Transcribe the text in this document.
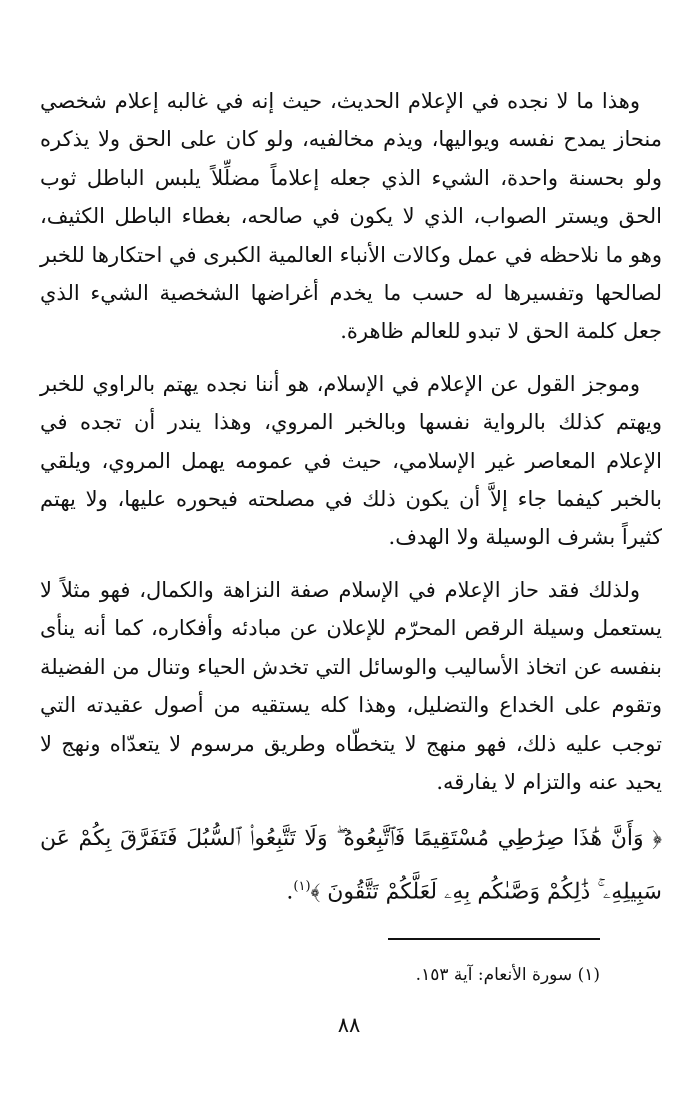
وهذا ما لا نجده في الإعلام الحديث، حيث إنه في غالبه إعلام شخصي منحاز يمدح نفسه ويواليها، ويذم مخالفيه، ولو كان على الحق ولا يذكره ولو بحسنة واحدة، الشيء الذي جعله إعلاماً مضلِّلاً يلبس الباطل ثوب الحق ويستر الصواب، الذي لا يكون في صالحه، بغطاء الباطل الكثيف، وهو ما نلاحظه في عمل وكالات الأنباء العالمية الكبرى في احتكارها للخبر لصالحها وتفسيرها له حسب ما يخدم أغراضها الشخصية الشيء الذي جعل كلمة الحق لا تبدو للعالم ظاهرة.

وموجز القول عن الإعلام في الإسلام، هو أننا نجده يهتم بالراوي للخبر ويهتم كذلك بالرواية نفسها وبالخبر المروي، وهذا يندر أن تجده في الإعلام المعاصر غير الإسلامي، حيث في عمومه يهمل المروي، ويلقي بالخبر كيفما جاء إلاَّ أن يكون ذلك في مصلحته فيحوره عليها، ولا يهتم كثيراً بشرف الوسيلة ولا الهدف.

ولذلك فقد حاز الإعلام في الإسلام صفة النزاهة والكمال، فهو مثلاً لا يستعمل وسيلة الرقص المحرّم للإعلان عن مبادئه وأفكاره، كما أنه ينأى بنفسه عن اتخاذ الأساليب والوسائل التي تخدش الحياء وتنال من الفضيلة وتقوم على الخداع والتضليل، وهذا كله يستقيه من أصول عقيدته التي توجب عليه ذلك، فهو منهج لا يتخطّاه وطريق مرسوم لا يتعدّاه ونهج لا يحيد عنه والتزام لا يفارقه.

﴿ وَأَنَّ هَٰذَا صِرَٰطِي مُسْتَقِيمًا فَٱتَّبِعُوهُ ۖ وَلَا تَتَّبِعُوا۟ ٱلسُّبُلَ فَتَفَرَّقَ بِكُمْ عَن سَبِيلِهِۦ ۚ ذَٰلِكُمْ وَصَّىٰكُم بِهِۦ لَعَلَّكُمْ تَتَّقُونَ ﴾$^{(١)}$.

(١) سورة الأنعام: آية ١٥٣.
٨٨
